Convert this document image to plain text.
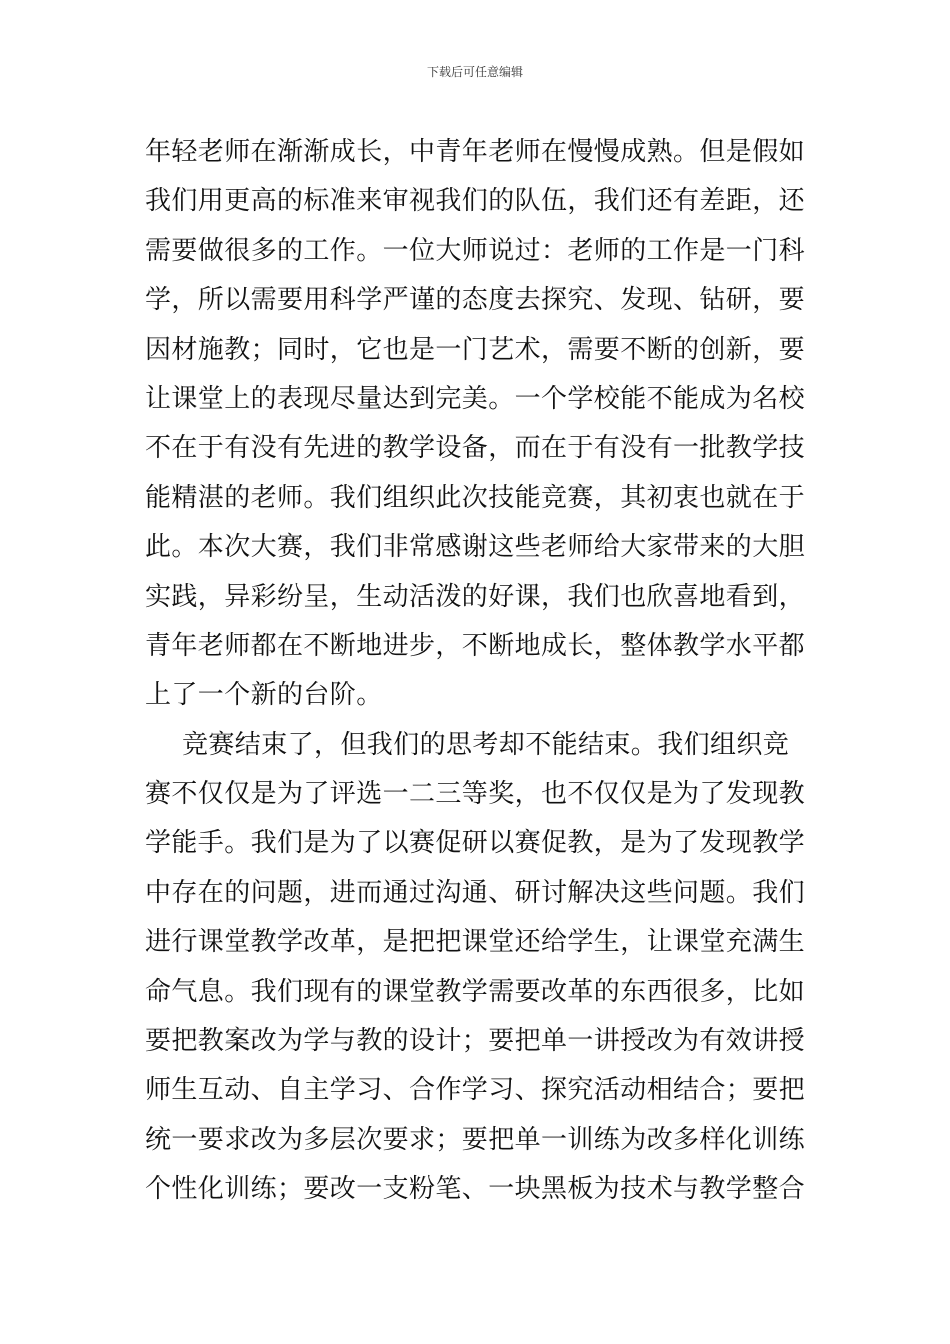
下载后可任意编辑
年轻老师在渐渐成长，中青年老师在慢慢成熟。但是假如
我们用更高的标准来审视我们的队伍，我们还有差距，还
需要做很多的工作。一位大师说过：老师的工作是一门科
学，所以需要用科学严谨的态度去探究、发现、钻研，要
因材施教；同时，它也是一门艺术，需要不断的创新，要
让课堂上的表现尽量达到完美。一个学校能不能成为名校
不在于有没有先进的教学设备，而在于有没有一批教学技
能精湛的老师。我们组织此次技能竞赛，其初衷也就在于
此。本次大赛，我们非常感谢这些老师给大家带来的大胆
实践，异彩纷呈，生动活泼的好课，我们也欣喜地看到，
青年老师都在不断地进步，不断地成长，整体教学水平都
上了一个新的台阶。
竞赛结束了，但我们的思考却不能结束。我们组织竞
赛不仅仅是为了评选一二三等奖，也不仅仅是为了发现教
学能手。我们是为了以赛促研以赛促教，是为了发现教学
中存在的问题，进而通过沟通、研讨解决这些问题。我们
进行课堂教学改革，是把把课堂还给学生，让课堂充满生
命气息。我们现有的课堂教学需要改革的东西很多，比如
要把教案改为学与教的设计；要把单一讲授改为有效讲授
师生互动、自主学习、合作学习、探究活动相结合；要把
统一要求改为多层次要求；要把单一训练为改多样化训练
个性化训练；要改一支粉笔、一块黑板为技术与教学整合
